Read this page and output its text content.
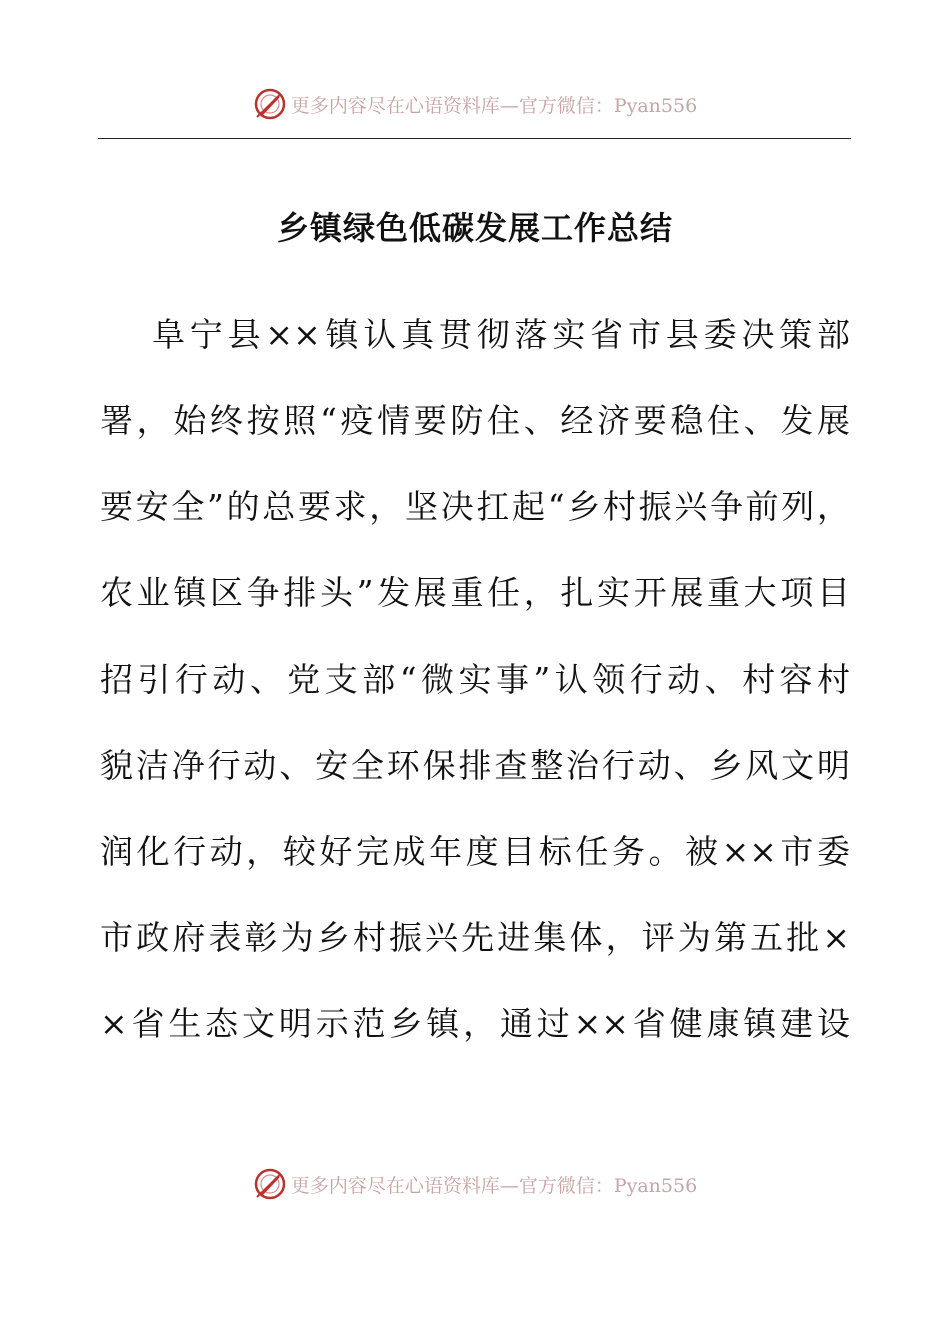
更多内容尽在心语资料库—官方微信：Pyan556
乡镇绿色低碳发展工作总结
阜宁县××镇认真贯彻落实省市县委决策部
署，始终按照“疫情要防住、经济要稳住、发展
要安全”的总要求，坚决扛起“乡村振兴争前列，
农业镇区争排头”发展重任，扎实开展重大项目
招引行动、党支部“微实事”认领行动、村容村
貌洁净行动、安全环保排查整治行动、乡风文明
润化行动，较好完成年度目标任务。被××市委
市政府表彰为乡村振兴先进集体，评为第五批×
×省生态文明示范乡镇，通过××省健康镇建设
更多内容尽在心语资料库—官方微信：Pyan556
